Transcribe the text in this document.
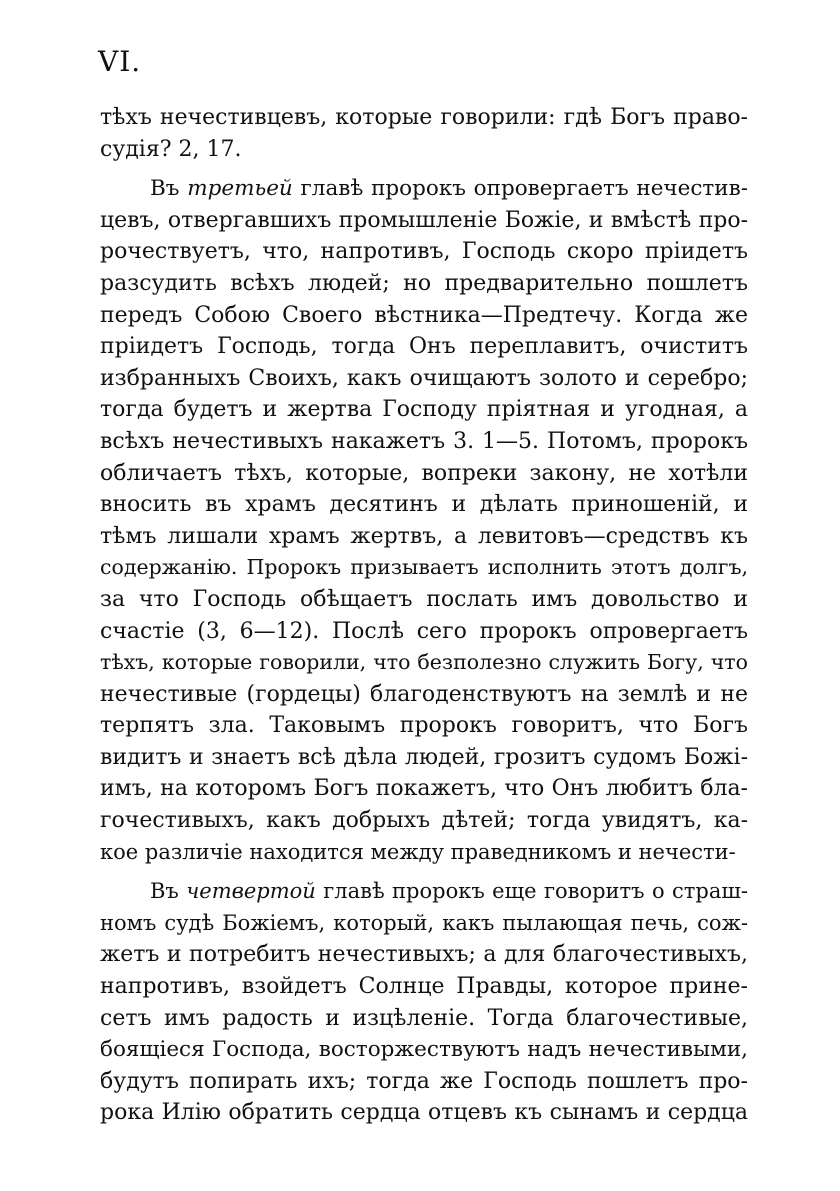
VI.
тѣхъ нечестивцевъ, которые говорили: гдѣ Богъ право-
судія? 2, 17.
Въ третьей главѣ пророкъ опровергаетъ нечестив-
цевъ, отвергавшихъ промышленіе Божіе, и вмѣстѣ про-
рочествуетъ, что, напротивъ, Господь скоро пріидетъ
разсудить всѣхъ людей; но предварительно пошлетъ
передъ Собою Своего вѣстника—Предтечу. Когда же
пріидетъ Господь, тогда Онъ переплавитъ, очиститъ
избранныхъ Своихъ, какъ очищаютъ золото и серебро;
тогда будетъ и жертва Господу пріятная и угодная, а
всѣхъ нечестивыхъ накажетъ 3. 1—5. Потомъ, пророкъ
обличаетъ тѣхъ, которые, вопреки закону, не хотѣли
вносить въ храмъ десятинъ и дѣлать приношеній, и
тѣмъ лишали храмъ жертвъ, а левитовъ—средствъ къ
содержанію. Пророкъ призываетъ исполнить этотъ долгъ,
за что Господь обѣщаетъ послать имъ довольство и
счастіе (3, 6—12). Послѣ сего пророкъ опровергаетъ
тѣхъ, которые говорили, что безполезно служить Богу, что
нечестивые (гордецы) благоденствуютъ на землѣ и не
терпятъ зла. Таковымъ пророкъ говоритъ, что Богъ
видитъ и знаетъ всѣ дѣла людей, грозитъ судомъ Божі-
имъ, на которомъ Богъ покажетъ, что Онъ любитъ бла-
гочестивыхъ, какъ добрыхъ дѣтей; тогда увидятъ, ка-
кое различіе находится между праведникомъ и нечести-
Въ четвертой главѣ пророкъ еще говоритъ о страш-
номъ судѣ Божіемъ, который, какъ пылающая печь, сож-
жетъ и потребитъ нечестивыхъ; а для благочестивыхъ,
напротивъ, взойдетъ Солнце Правды, которое прине-
сетъ имъ радость и изцѣленіе. Тогда благочестивые,
боящіеся Господа, восторжествуютъ надъ нечестивыми,
будутъ попирать ихъ; тогда же Господь пошлетъ про-
рока Илію обратить сердца отцевъ къ сынамъ и сердца
